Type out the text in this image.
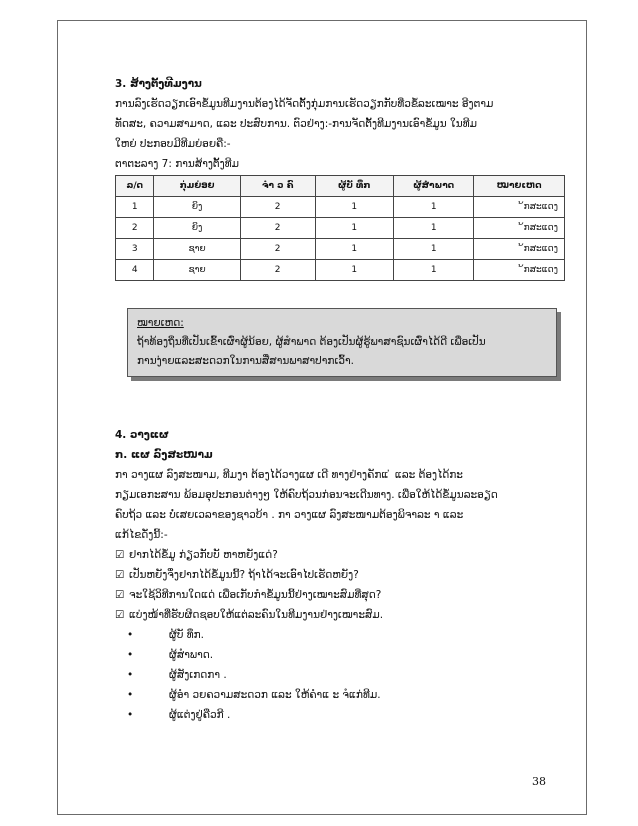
3. ສ້າງຕັ້ງທີມງານ

ການລົງເຮັດວຽກເອົາຂໍ້ມູນທີມງານຕ້ອງໄດ້ຈັດຕັ້ງກຸ່ມການເຮັດວຽກກັບທີ່ວຂໍ້ລະເໝາະ ອີງຕາມ

ທັດສະ, ຄວາມສາມາດ, ແລະ ປະສົບການ. ຕົວຢ່າງ:-ການຈັດຕັ້ງທີມງານເອົາຂໍ້ມູນ ໃນທີມ

ໃຫຍ່ ປະກອບມີທີມຍ່ອຍຄື:-

ຕາຕະລາງ 7: ການສ້າງຕັ້ງທີມ

ລ/ດ	ກຸ່ມຍ່ອຍ	ຈຳ ວ ຄົ	ຜູ້ບັ ທຶກ	ຜູ້ສຳພາດ	ໝາຍເຫດ
1	ຍິງ	2	1	1	້ກສະແດງ
2	ຍິງ	2	1	1	້ກສະແດງ
3	ຊາຍ	2	1	1	້ກສະແດງ
4	ຊາຍ	2	1	1	້ກສະແດງ
ໝາຍເຫດ:
ຖ້າທ້ອງຖິ່ນທີ່ເປັນເຂົ້າເຜົ່າຜູ້ນ້ອຍ, ຜູ້ສຳພາດ ຕ້ອງເປັນຜູ້ຮູ້ພາສາຊົນເຜົ່າໄດ້ດີ ເພື່ອເປັນ
ການງ່າຍແລະສະດວກໃນການສື່ສານພາສາປາກເວົ້າ.

4. ວາງແຜ

ກ. ແຜ ລົງສະໜາມ

ກາ ວາງແຜ ລົງສະໜາມ, ທີມງາ ຕ້ອງໄດ້ວາງແຜ ເດີ ທາງຢ່າງຄັກແ ່ ແລະ ຕ້ອງໄດ້ກະ

ກຽມເອກະສານ ພ້ອມອຸປະກອນຕ່າງໆ ໃຫ້ຄົບຖ້ວນກ່ອນຈະເດີນທາງ. ເພື່ອໃຫ້ໄດ້ຂໍ້ມູນລະອຽດ

ຄົບຖ້ວ ແລະ ບໍ່ເສຍເວລາຂອງຊາວບ້າ . ກາ ວາງແຜ ລົງສະໜາມຕ້ອງພິຈາລະ າ ແລະ

ແກ້ໄຂດັ່ງນີ້:-

☑ ຢາກໄດ້ຂໍ້ມູ ກ່ຽວກັບບັ ຫາຫຍັງແດ່?

☑ ເປັນຫຍັງຈຶ່ງຢາກໄດ້ຂໍ້ມູນນີ້? ຖ້າໄດ້ຈະເອົາໄປເຮັດຫຍັງ?

☑ ຈະໃຊ້ວິທີການໃດແດ່ ເພື່ອເກັບກຳຂໍ້ມູນນີ້ຢ່າງເໝາະສົມທີ່ສຸດ?

☑ ແບ່ງໜ້າທີ່ຮັບຜິດຊອບໃຫ້ແຕ່ລະຄົນໃນທີມງານຢ່າງເໝາະສົມ.

•	ຜູ້ບັ ທຶກ.
•	ຜູ້ສຳພາດ.
•	ຜູ້ສັງເກດກາ .
•	ຜູ້ອຳ ວຍຄວາມສະດວກ ແລະ ໃຫ້ຄຳແ ະ ຈໍແກ່ທີມ.
•	ຜູ້ແຕ່ງຢູ່ຄືວກີ .
38
